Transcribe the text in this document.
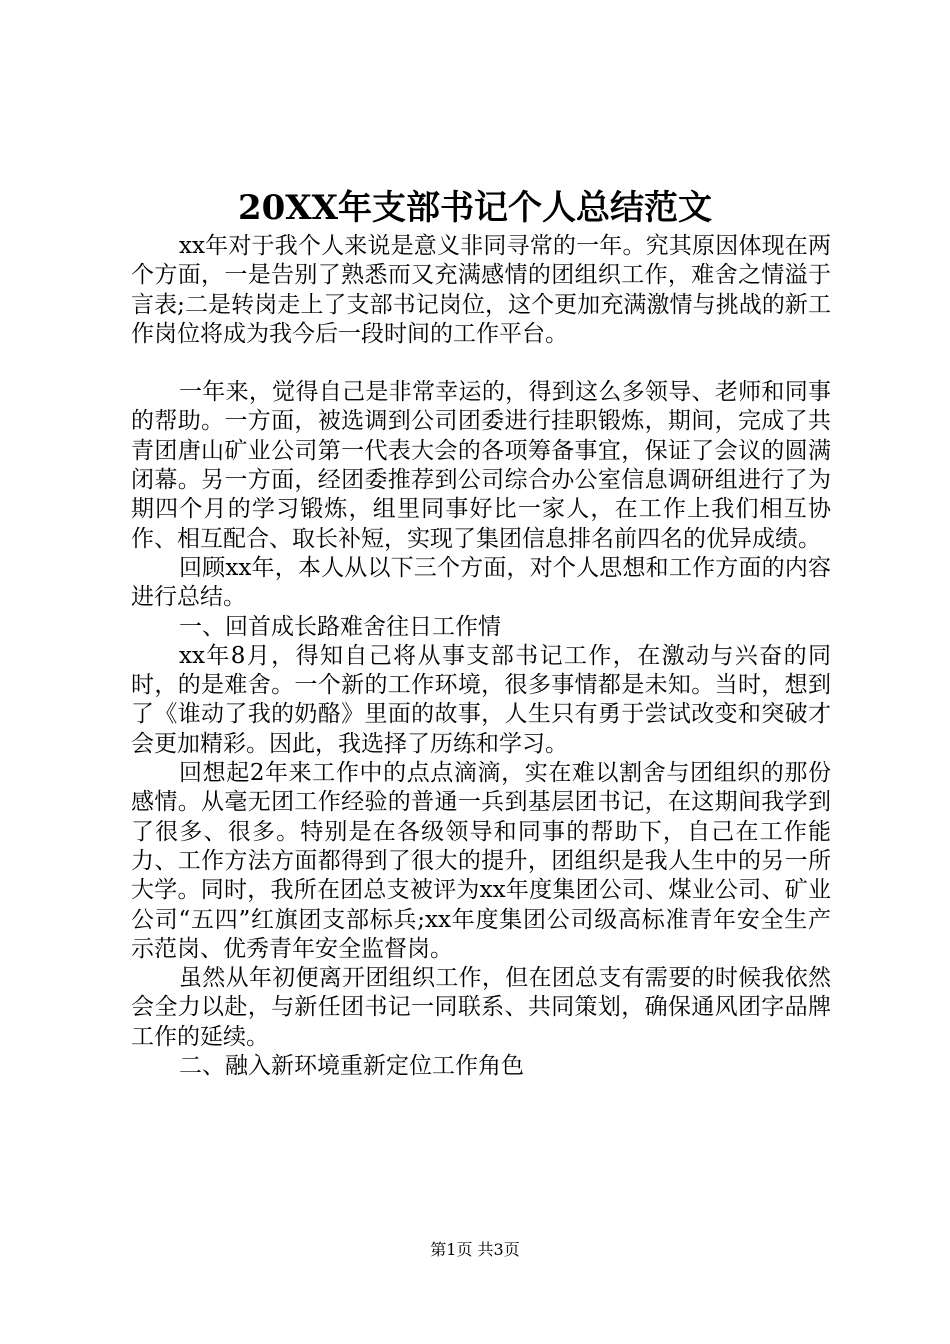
20XX年支部书记个人总结范文

xx年对于我个人来说是意义非同寻常的一年。究其原因体现在两个方面，一是告别了熟悉而又充满感情的团组织工作，难舍之情溢于言表;二是转岗走上了支部书记岗位，这个更加充满激情与挑战的新工作岗位将成为我今后一段时间的工作平台。

一年来，觉得自己是非常幸运的，得到这么多领导、老师和同事的帮助。一方面，被选调到公司团委进行挂职锻炼，期间，完成了共青团唐山矿业公司第一代表大会的各项筹备事宜，保证了会议的圆满闭幕。另一方面，经团委推荐到公司综合办公室信息调研组进行了为期四个月的学习锻炼，组里同事好比一家人，在工作上我们相互协作、相互配合、取长补短，实现了集团信息排名前四名的优异成绩。

回顾xx年，本人从以下三个方面，对个人思想和工作方面的内容进行总结。

一、回首成长路难舍往日工作情

xx年8月，得知自己将从事支部书记工作，在激动与兴奋的同时，的是难舍。一个新的工作环境，很多事情都是未知。当时，想到了《谁动了我的奶酪》里面的故事，人生只有勇于尝试改变和突破才会更加精彩。因此，我选择了历练和学习。

回想起2年来工作中的点点滴滴，实在难以割舍与团组织的那份感情。从毫无团工作经验的普通一兵到基层团书记，在这期间我学到了很多、很多。特别是在各级领导和同事的帮助下，自己在工作能力、工作方法方面都得到了很大的提升，团组织是我人生中的另一所大学。同时，我所在团总支被评为xx年度集团公司、煤业公司、矿业公司“五四”红旗团支部标兵;xx年度集团公司级高标准青年安全生产示范岗、优秀青年安全监督岗。

虽然从年初便离开团组织工作，但在团总支有需要的时候我依然会全力以赴，与新任团书记一同联系、共同策划，确保通风团字品牌工作的延续。

二、融入新环境重新定位工作角色

第1页 共3页
